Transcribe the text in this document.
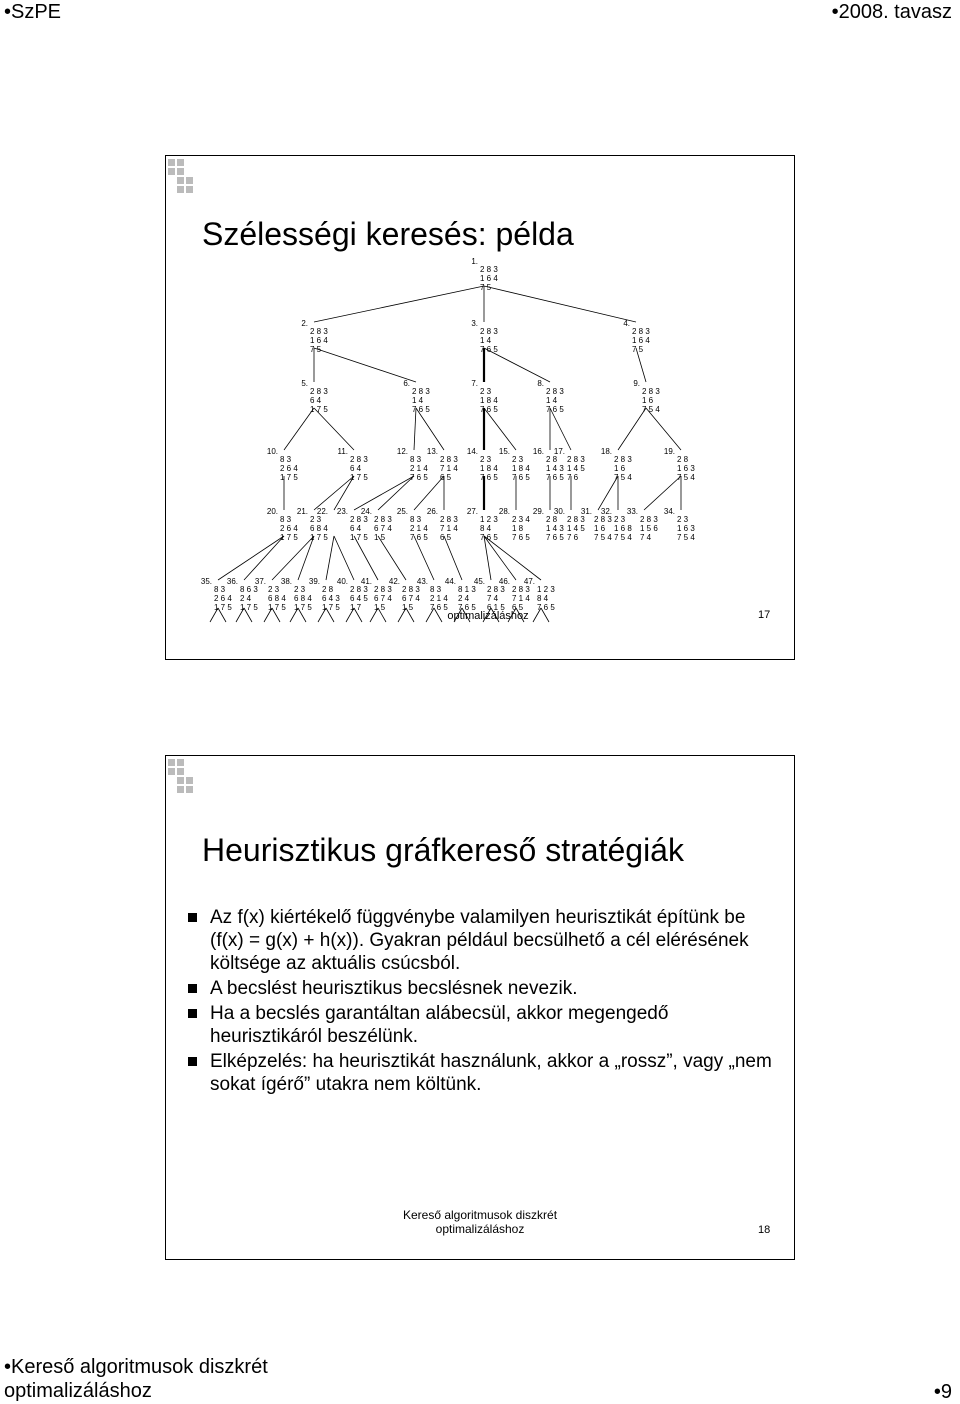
•SzPE	•2008. tavasz
Szélességi keresés: példa
1.
2 8 3
1 6 4
7 5
2.
2 8 3
1 6 4
7 5
3.
2 8 3
1 4
7 6 5
4.
2 8 3
1 6 4
7 5
5.
2 8 3
6 4
1 7 5
6.
2 8 3
1 4
7 6 5
7.
2 3
1 8 4
7 6 5
8.
2 8 3
1 4
7 6 5
9.
2 8 3
1 6
7 5 4
10.
8 3
2 6 4
1 7 5
11.
2 8 3
6 4
1 7 5
12.
8 3
2 1 4
7 6 5
13.
2 8 3
7 1 4
6 5
14.
2 3
1 8 4
7 6 5
15.
2 3
1 8 4
7 6 5
16.
2 8
1 4 3
7 6 5
17.
2 8 3
1 4 5
7 6
18.
2 8 3
1 6
7 5 4
19.
2 8
1 6 3
7 5 4
20.
8 3
2 6 4
1 7 5
21.
2 3
6 8 4
1 7 5
22. 23.
2 8 3
6 4
1 7 5
24.
2 8 3
6 7 4
1 5
25.
8 3
2 1 4
7 6 5
26.
2 8 3
7 1 4
6 5
27.
1 2 3
8 4
7 6 5
28.
2 3 4
1 8
7 6 5
29.
2 8
1 4 3
7 6 5
30.
2 8 3
1 4 5
7 6
31.
2 8 3
1 6
7 5 4
32.
2 3
1 6 8
7 5 4
33.
2 8 3
1 5 6
7 4
34.
2 3
1 6 3
7 5 4
35.
8 3
2 6 4
1 7 5
36.
8 6 3
2 4
1 7 5
37.
2 3
6 8 4
1 7 5
38.
2 3
6 8 4
1 7 5
39.
2 8
6 4 3
1 7 5
40.
2 8 3
6 4 5
1 7
41.
2 8 3
6 7 4
1 5
42.
2 8 3
6 7 4
1 5
43.
8 3
2 1 4
7 6 5
44.
8 1 3
2 4
7 6 5
45.
2 8 3
7 4
6 1 5
46.
2 8 3
7 1 4
6 5
47.
1 2 3
8 4
7 6 5
optimalizáláshoz	17
Heurisztikus gráfkereső stratégiák
Az f(x) kiértékelő függvénybe valamilyen heurisztikát építünk be (f(x) = g(x) + h(x)). Gyakran például becsülhető a cél elérésének költsége az aktuális csúcsból.
A becslést heurisztikus becslésnek nevezik.
Ha a becslés garantáltan alábecsül, akkor megengedő heurisztikáról beszélünk.
Elképzelés: ha heurisztikát használunk, akkor a „rossz”, vagy „nem sokat ígérő” utakra nem költünk.
Kereső algoritmusok diszkrét
optimalizáláshoz	18
•Kereső algoritmusok diszkrét
optimalizáláshoz	•9
